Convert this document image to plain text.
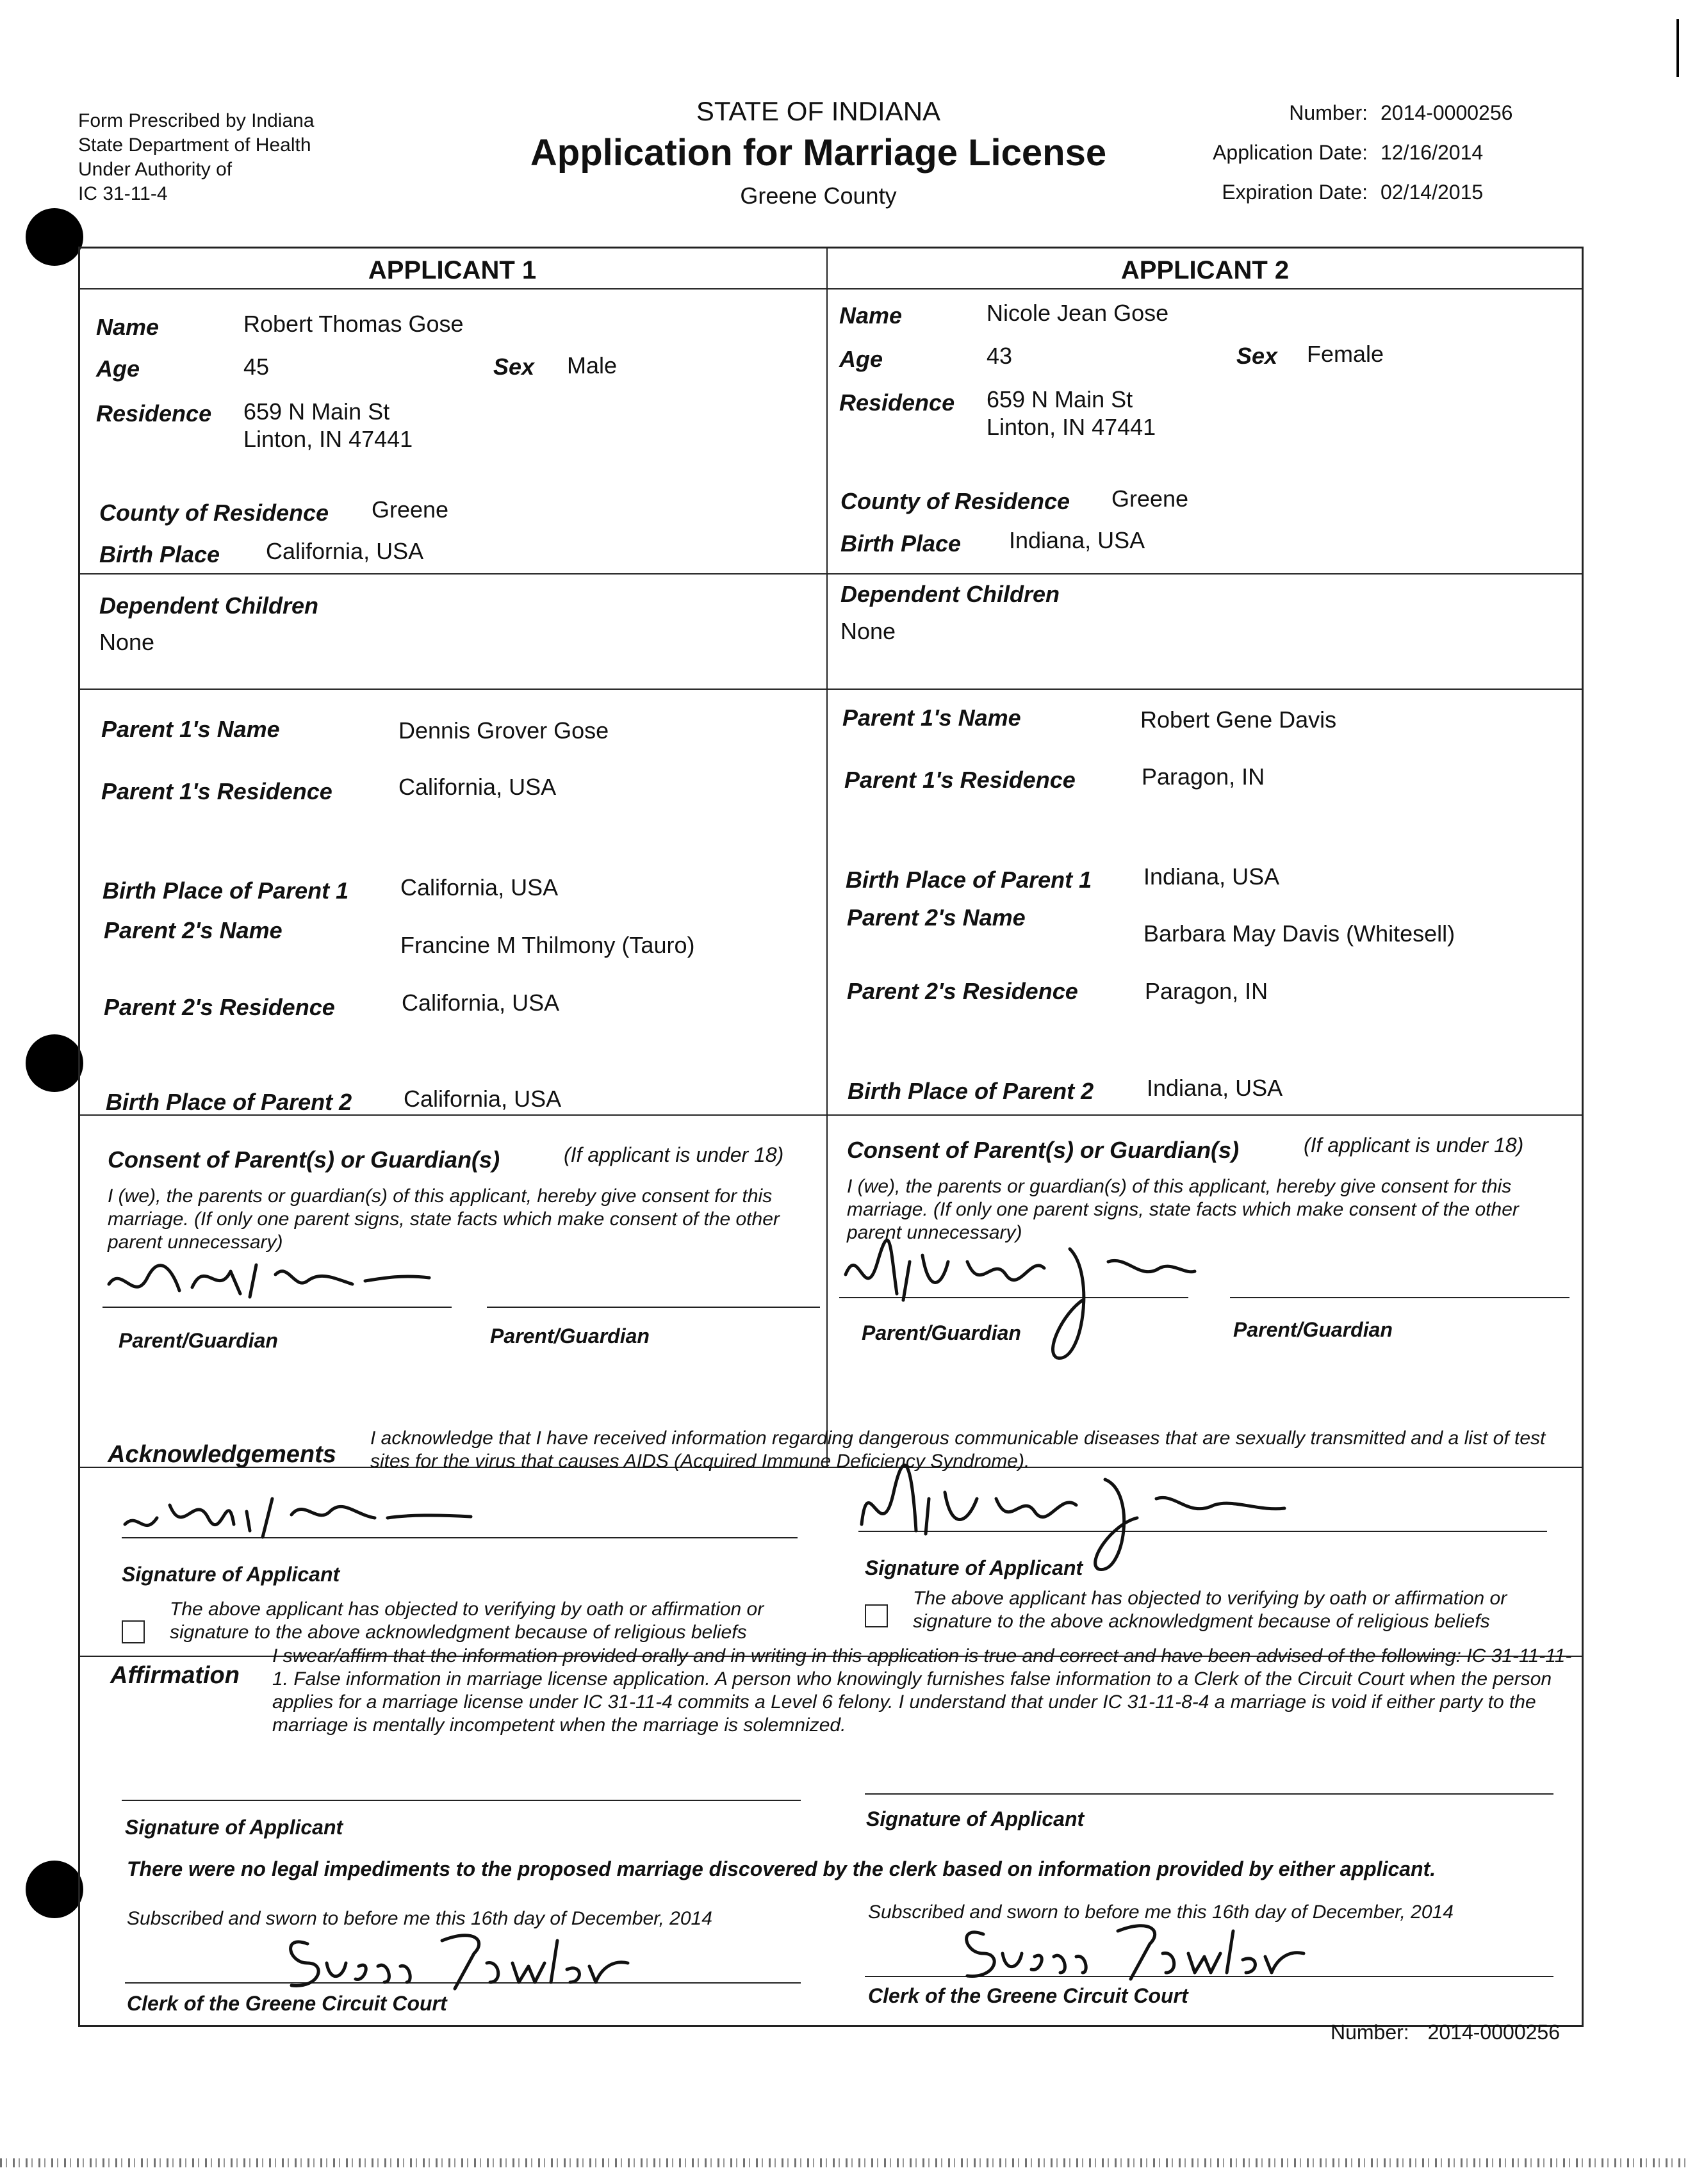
Form Prescribed by Indiana
State Department of Health
Under Authority of
IC 31-11-4
STATE OF INDIANA
Application for Marriage License
Greene County
Number: 2014-0000256
Application Date: 12/16/2014
Expiration Date: 02/14/2015
APPLICANT 1	APPLICANT 2
Name	Robert Thomas Gose
Age	45	Sex Male
Residence 659 N Main St
Linton, IN 47441
County of Residence Greene
Birth Place California, USA
Dependent Children
None
Name	Nicole Jean Gose
Age	43	Sex Female
Residence 659 N Main St
Linton, IN 47441
County of Residence Greene
Birth Place Indiana, USA
Dependent Children
None
Parent 1's Name	Dennis Grover Gose
Parent 1's Residence	California, USA
Birth Place of Parent 1 California, USA
Parent 2's Name
Francine M Thilmony (Tauro)
Parent 2's Residence	California, USA
Birth Place of Parent 2 California, USA
Parent 1's Name	Robert Gene Davis
Parent 1's Residence	Paragon, IN
Birth Place of Parent 1 Indiana, USA
Parent 2's Name
Barbara May Davis (Whitesell)
Parent 2's Residence	Paragon, IN
Birth Place of Parent 2 Indiana, USA
Consent of Parent(s) or Guardian(s)	(If applicant is under 18)
I (we), the parents or guardian(s) of this applicant, hereby give consent for this marriage. (If only one parent signs, state facts which make consent of the other parent unnecessary)
Parent/Guardian	Parent/Guardian
Consent of Parent(s) or Guardian(s)	(If applicant is under 18)
I (we), the parents or guardian(s) of this applicant, hereby give consent for this marriage. (If only one parent signs, state facts which make consent of the other parent unnecessary)
Parent/Guardian	Parent/Guardian
Acknowledgements
I acknowledge that I have received information regarding dangerous communicable diseases that are sexually transmitted and a list of test sites for the virus that causes AIDS (Acquired Immune Deficiency Syndrome).
Signature of Applicant	Signature of Applicant
The above applicant has objected to verifying by oath or affirmation or signature to the above acknowledgment because of religious beliefs
The above applicant has objected to verifying by oath or affirmation or signature to the above acknowledgment because of religious beliefs
Affirmation
I swear/affirm that the information provided orally and in writing in this application is true and correct and have been advised of the following: IC 31-11-11-1. False information in marriage license application. A person who knowingly furnishes false information to a Clerk of the Circuit Court when the person applies for a marriage license under IC 31-11-4 commits a Level 6 felony. I understand that under IC 31-11-8-4 a marriage is void if either party to the marriage is mentally incompetent when the marriage is solemnized.
Signature of Applicant	Signature of Applicant
There were no legal impediments to the proposed marriage discovered by the clerk based on information provided by either applicant.
Subscribed and sworn to before me this 16th day of December, 2014	Subscribed and sworn to before me this 16th day of December, 2014
Clerk of the Greene Circuit Court	Clerk of the Greene Circuit Court
Number: 2014-0000256
